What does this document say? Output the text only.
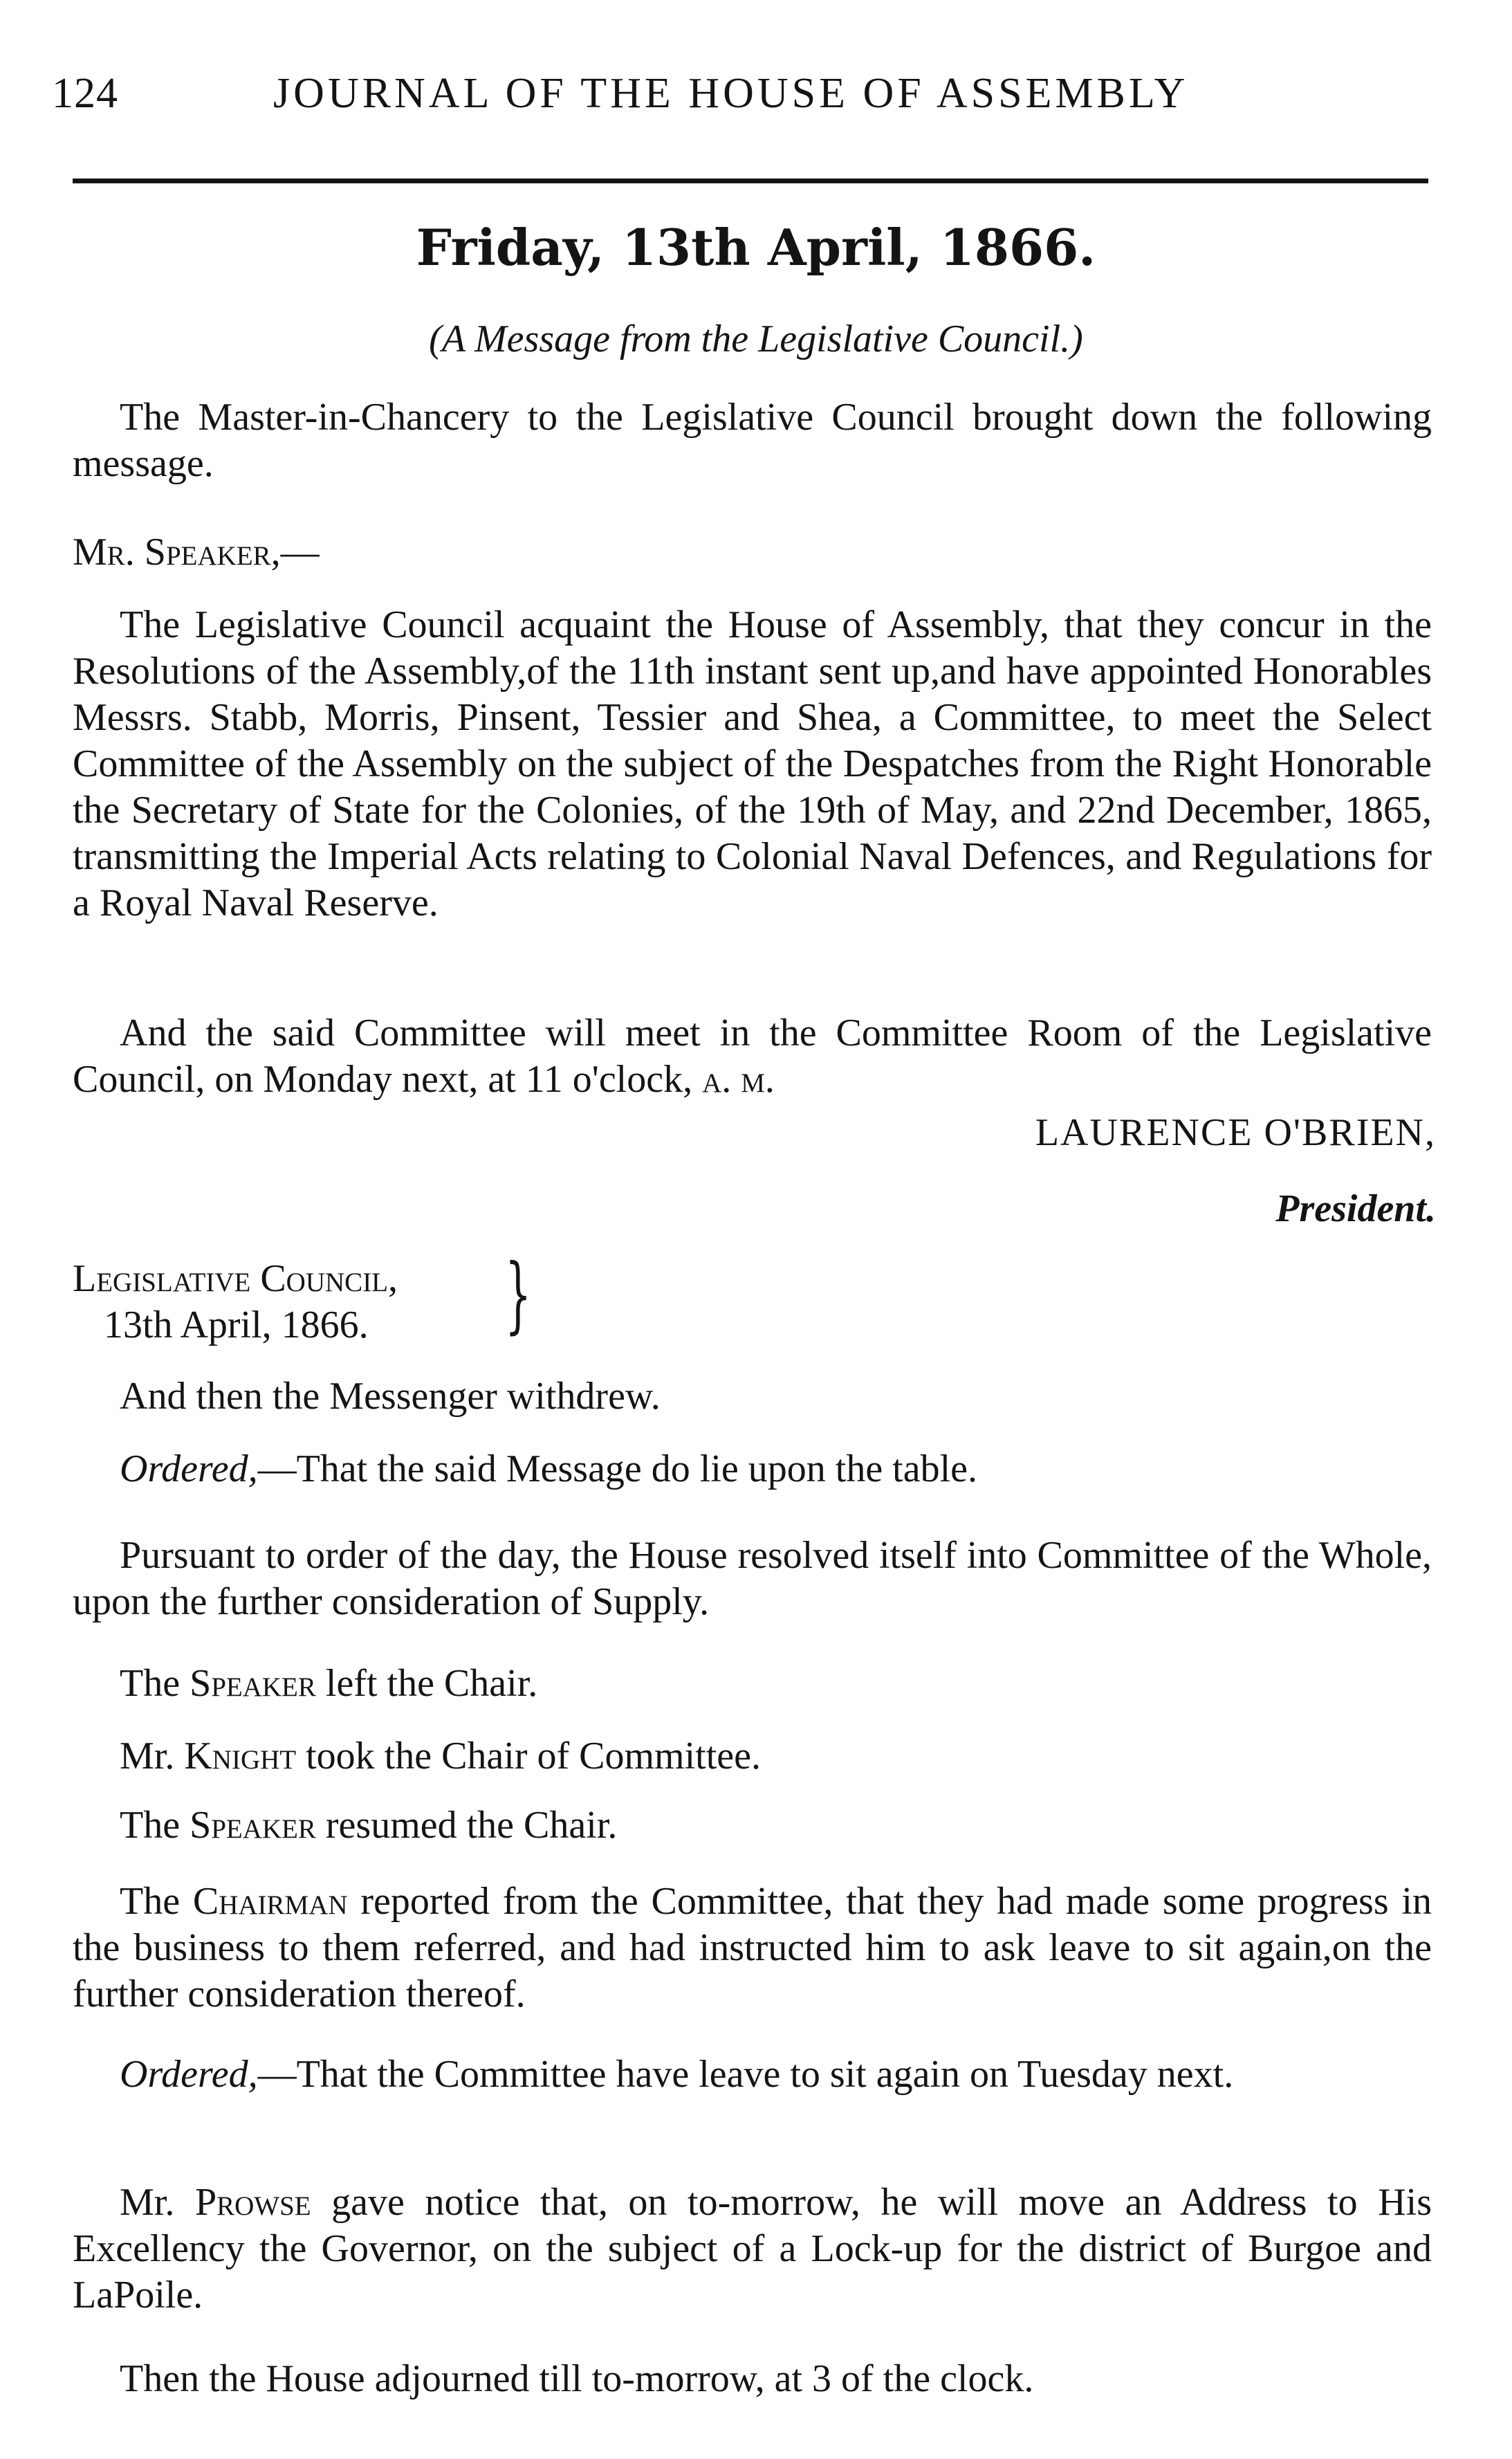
124	JOURNAL OF THE HOUSE OF ASSEMBLY
Friday, 13th April, 1866.
(A Message from the Legislative Council.)

The Master-in-Chancery to the Legislative Council brought down the following message.

Mr. Speaker,—

The Legislative Council acquaint the House of Assembly, that they concur in the Resolutions of the Assembly,of the 11th instant sent up,and have appointed Honorables Messrs. Stabb, Morris, Pinsent, Tessier and Shea, a Committee, to meet the Select Committee of the Assembly on the subject of the Despatches from the Right Honorable the Secretary of State for the Colonies, of the 19th of May, and 22nd December, 1865, transmitting the Imperial Acts relating to Colonial Naval Defences, and Regulations for a Royal Naval Reserve.

And the said Committee will meet in the Committee Room of the Legislative Council, on Monday next, at 11 o'clock, a. m.

LAURENCE O'BRIEN,
President.
Legislative Council,
13th April, 1866.	}

And then the Messenger withdrew.

Ordered,—That the said Message do lie upon the table.

Pursuant to order of the day, the House resolved itself into Committee of the Whole, upon the further consideration of Supply.

The Speaker left the Chair.

Mr. Knight took the Chair of Committee.

The Speaker resumed the Chair.

The Chairman reported from the Committee, that they had made some progress in the business to them referred, and had instructed him to ask leave to sit again,on the further consideration thereof.

Ordered,—That the Committee have leave to sit again on Tuesday next.

Mr. Prowse gave notice that, on to-morrow, he will move an Address to His Excellency the Governor, on the subject of a Lock-up for the district of Burgoe and LaPoile.

Then the House adjourned till to-morrow, at 3 of the clock.
